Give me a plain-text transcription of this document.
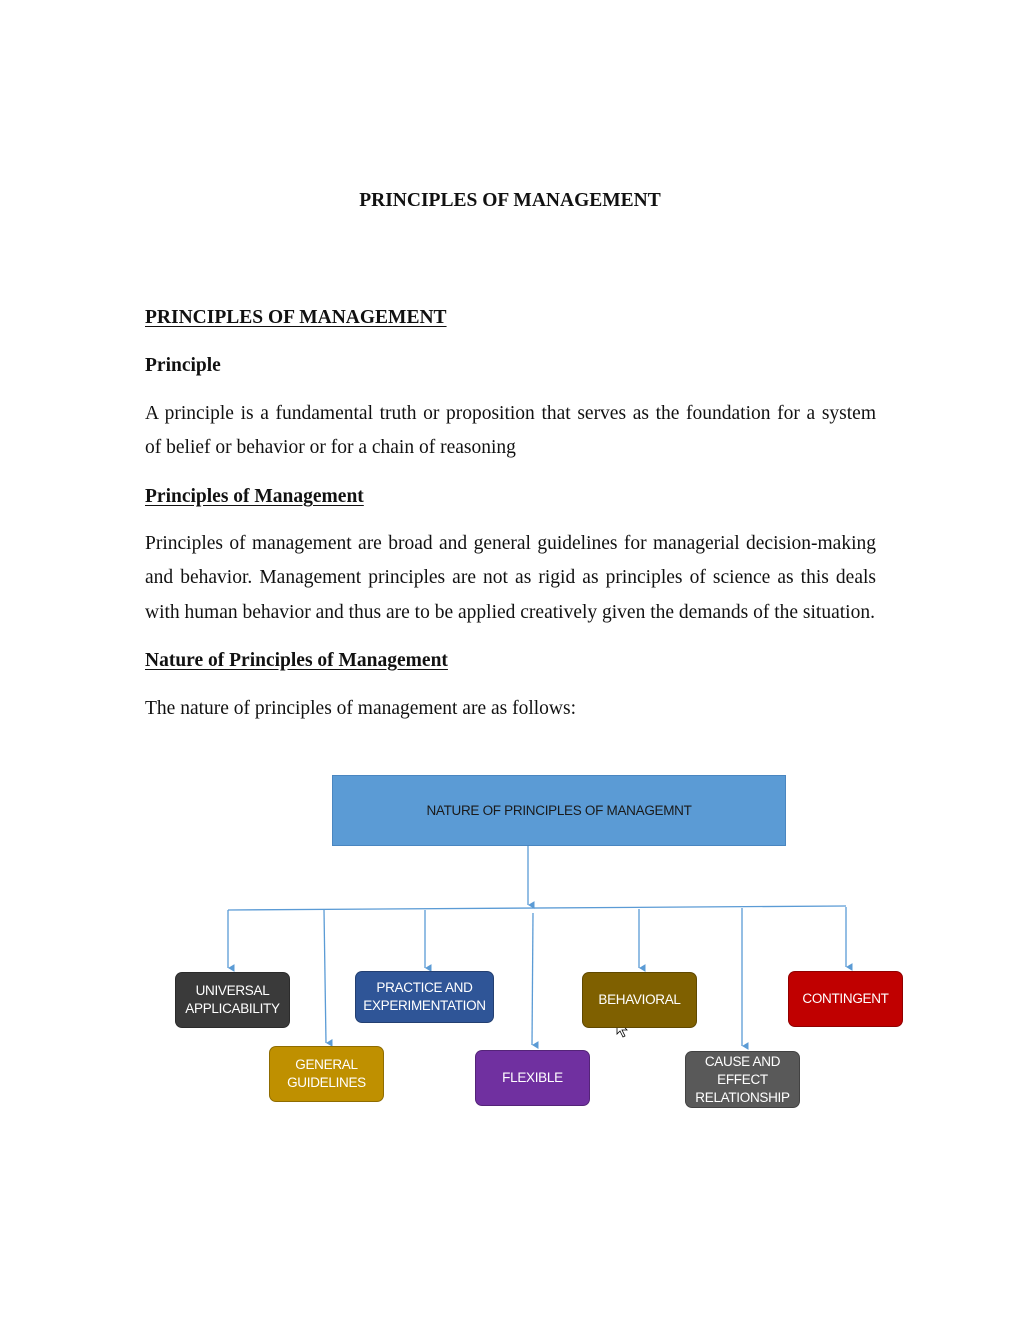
PRINCIPLES OF MANAGEMENT
PRINCIPLES OF MANAGEMENT
Principle
A principle is a fundamental truth or proposition that serves as the foundation for a system
of belief or behavior or for a chain of reasoning
Principles of Management
Principles of management are broad and general guidelines for managerial decision-making
and behavior. Management principles are not as rigid as principles of science as this deals
with human behavior and thus are to be applied creatively given the demands of the situation.
Nature of Principles of Management
The nature of principles of management are as follows:
NATURE OF PRINCIPLES OF MANAGEMNT
UNIVERSAL APPLICABILITY
GENERAL GUIDELINES
PRACTICE AND EXPERIMENTATION
FLEXIBLE
BEHAVIORAL
CAUSE AND EFFECT RELATIONSHIP
CONTINGENT
